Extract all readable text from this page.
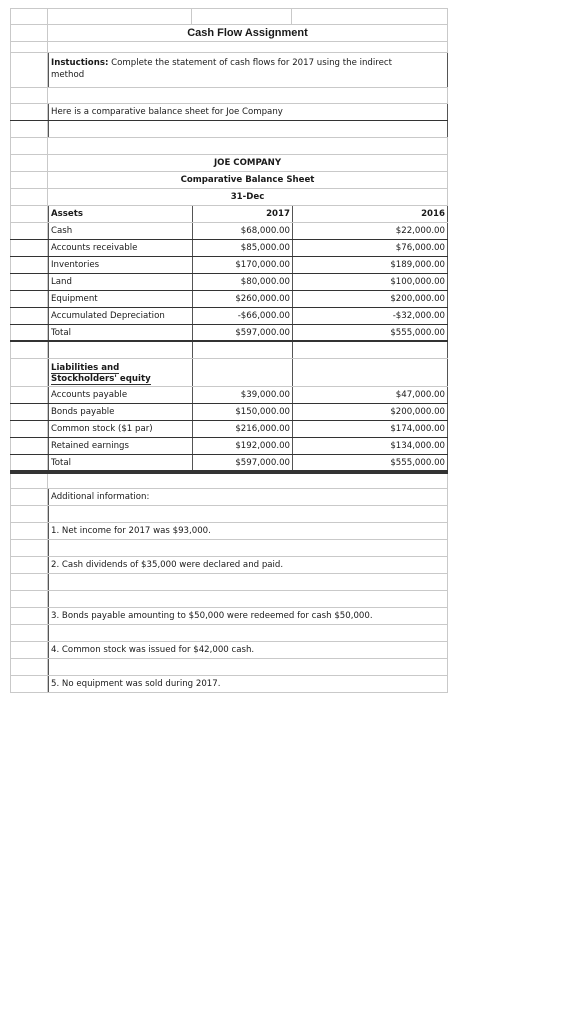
Cash Flow Assignment
Instuctions: Complete the statement of cash flows for 2017 using the indirect
method
Here is a comparative balance sheet for Joe Company
JOE COMPANY
Comparative Balance Sheet
31-Dec
Assets	2017	2016
Cash	$68,000.00	$22,000.00
Accounts receivable	$85,000.00	$76,000.00
Inventories	$170,000.00	$189,000.00
Land	$80,000.00	$100,000.00
Equipment	$260,000.00	$200,000.00
Accumulated Depreciation	-$66,000.00	-$32,000.00
Total	$597,000.00	$555,000.00
Liabilities and
Stockholders' equity
Accounts payable	$39,000.00	$47,000.00
Bonds payable	$150,000.00	$200,000.00
Common stock ($1 par)	$216,000.00	$174,000.00
Retained earnings	$192,000.00	$134,000.00
Total	$597,000.00	$555,000.00
Additional information:
1. Net income for 2017 was $93,000.
2. Cash dividends of $35,000 were declared and paid.
3. Bonds payable amounting to $50,000 were redeemed for cash $50,000.
4. Common stock was issued for $42,000 cash.
5. No equipment was sold during 2017.
